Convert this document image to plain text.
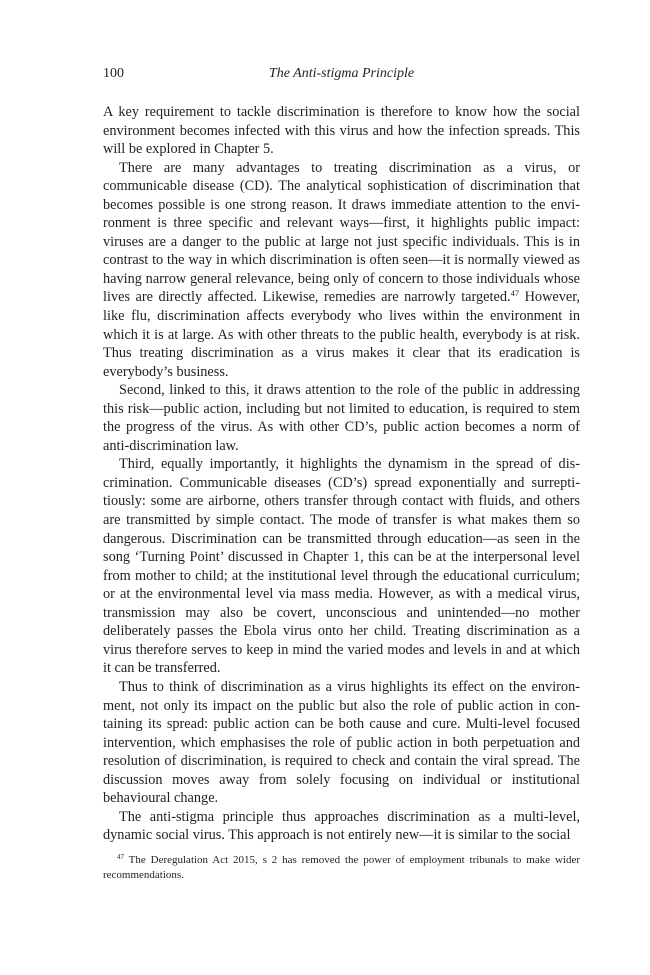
100	The Anti-stigma Principle

A key requirement to tackle discrimination is therefore to know how the social environment becomes infected with this virus and how the infection spreads. This will be explored in Chapter 5.

There are many advantages to treating discrimination as a virus, or communicable disease (CD). The analytical sophistication of discrimination that becomes possible is one strong reason. It draws immediate attention to the environment is three specific and relevant ways—first, it highlights public impact: viruses are a danger to the public at large not just specific individuals. This is in contrast to the way in which discrimination is often seen—it is normally viewed as having narrow general relevance, being only of concern to those individuals whose lives are directly affected. Likewise, remedies are narrowly targeted.$^{47}$ However, like flu, discrimination affects everybody who lives within the environment in which it is at large. As with other threats to the public health, everybody is at risk. Thus treating discrimination as a virus makes it clear that its eradication is everybody’s business.

Second, linked to this, it draws attention to the role of the public in addressing this risk—public action, including but not limited to education, is required to stem the progress of the virus. As with other CD’s, public action becomes a norm of anti-discrimination law.

Third, equally importantly, it highlights the dynamism in the spread of discrimination. Communicable diseases (CD’s) spread exponentially and surreptitiously: some are airborne, others transfer through contact with fluids, and others are transmitted by simple contact. The mode of transfer is what makes them so dangerous. Discrimination can be transmitted through education—as seen in the song ‘Turning Point’ discussed in Chapter 1, this can be at the interpersonal level from mother to child; at the institutional level through the educational curriculum; or at the environmental level via mass media. However, as with a medical virus, transmission may also be covert, unconscious and unintended—no mother deliberately passes the Ebola virus onto her child. Treating discrimination as a virus therefore serves to keep in mind the varied modes and levels in and at which it can be transferred.

Thus to think of discrimination as a virus highlights its effect on the environment, not only its impact on the public but also the role of public action in containing its spread: public action can be both cause and cure. Multi-level focused intervention, which emphasises the role of public action in both perpetuation and resolution of discrimination, is required to check and contain the viral spread. The discussion moves away from solely focusing on individual or institutional behavioural change.

The anti-stigma principle thus approaches discrimination as a multi-level, dynamic social virus. This approach is not entirely new—it is similar to the social

$^{47}$ The Deregulation Act 2015, s 2 has removed the power of employment tribunals to make wider recommendations.
